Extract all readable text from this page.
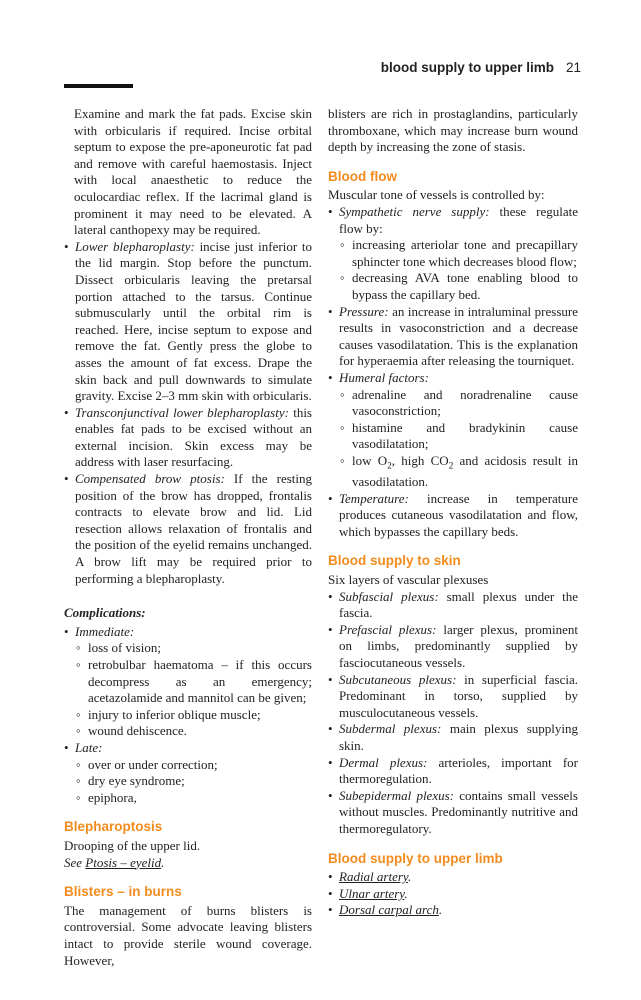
blood supply to upper limb 21

Examine and mark the fat pads. Excise skin with orbicularis if required. Incise orbital septum to expose the pre-aponeurotic fat pad and remove with careful haemostasis. Inject with local anaesthetic to reduce the oculocardiac reflex. If the lacrimal gland is prominent it may need to be elevated. A lateral canthopexy may be required.

• Lower blepharoplasty: incise just inferior to the lid margin. Stop before the punctum. Dissect orbicularis leaving the pretarsal portion attached to the tarsus. Continue submuscularly until the orbital rim is reached. Here, incise septum to expose and remove the fat. Gently press the globe to asses the amount of fat excess. Drape the skin back and pull downwards to simulate gravity. Excise 2–3 mm skin with orbicularis.
• Transconjunctival lower blepharoplasty: this enables fat pads to be excised without an external incision. Skin excess may be address with laser resurfacing.
• Compensated brow ptosis: If the resting position of the brow has dropped, frontalis contracts to elevate brow and lid. Lid resection allows relaxation of frontalis and the position of the eyelid remains unchanged. A brow lift may be required prior to performing a blepharoplasty.
Complications:
• Immediate:
◦ loss of vision;
◦ retrobulbar haematoma – if this occurs decompress as an emergency; acetazolamide and mannitol can be given;
◦ injury to inferior oblique muscle;
◦ wound dehiscence.
• Late:
◦ over or under correction;
◦ dry eye syndrome;
◦ epiphora,
Blepharoptosis

Drooping of the upper lid.

See Ptosis – eyelid.

Blisters – in burns

The management of burns blisters is controversial. Some advocate leaving blisters intact to provide sterile wound coverage. However,

blisters are rich in prostaglandins, particularly thromboxane, which may increase burn wound depth by increasing the zone of stasis.

Blood flow

Muscular tone of vessels is controlled by:

• Sympathetic nerve supply: these regulate flow by:
◦ increasing arteriolar tone and precapillary sphincter tone which decreases blood flow;
◦ decreasing AVA tone enabling blood to bypass the capillary bed.
• Pressure: an increase in intraluminal pressure results in vasoconstriction and a decrease causes vasodilatation. This is the explanation for hyperaemia after releasing the tourniquet.
• Humeral factors:
◦ adrenaline and noradrenaline cause vasoconstriction;
◦ histamine and bradykinin cause vasodilatation;
◦ low $O_2$, high $CO_2$ and acidosis result in vasodilatation.
• Temperature: increase in temperature produces cutaneous vasodilatation and flow, which bypasses the capillary beds.
Blood supply to skin

Six layers of vascular plexuses

• Subfascial plexus: small plexus under the fascia.
• Prefascial plexus: larger plexus, prominent on limbs, predominantly supplied by fasciocutaneous vessels.
• Subcutaneous plexus: in superficial fascia. Predominant in torso, supplied by musculocutaneous vessels.
• Subdermal plexus: main plexus supplying skin.
• Dermal plexus: arterioles, important for thermoregulation.
• Subepidermal plexus: contains small vessels without muscles. Predominantly nutritive and thermoregulatory.
Blood supply to upper limb
• Radial artery.
• Ulnar artery.
• Dorsal carpal arch.
